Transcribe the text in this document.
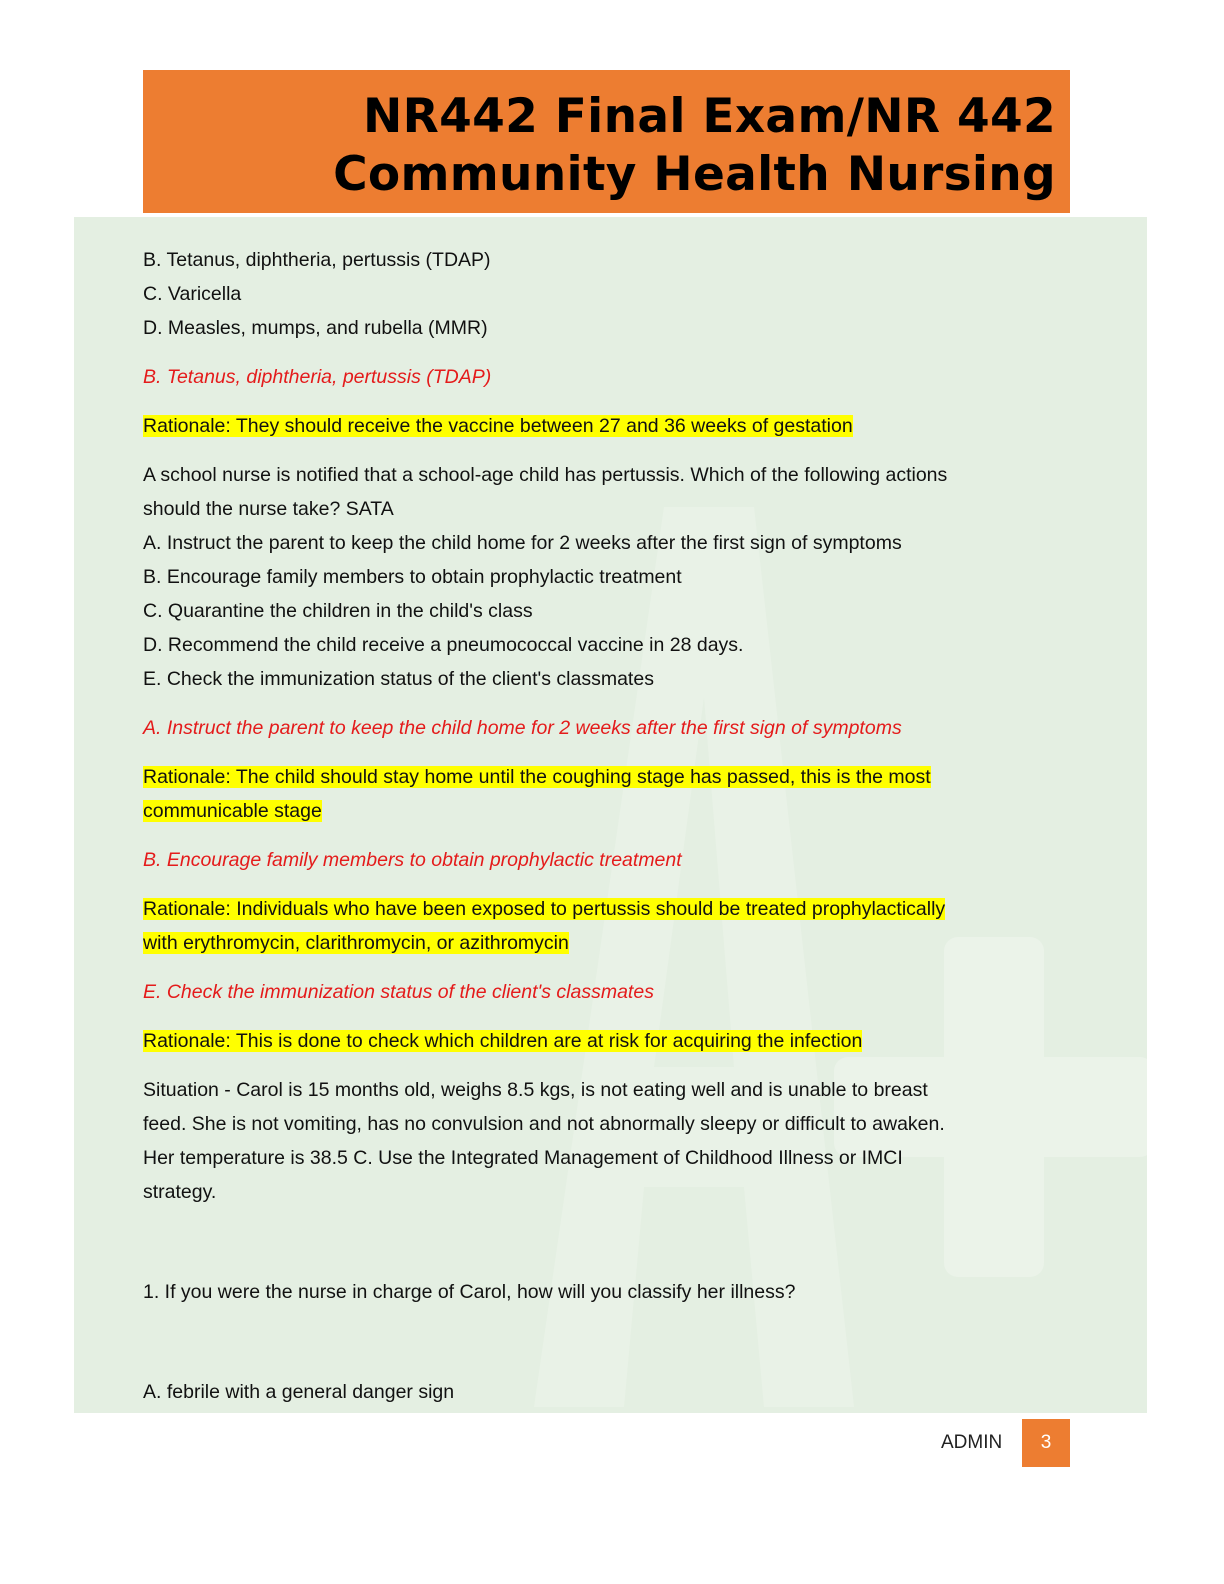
NR442 Final Exam/NR 442
Community Health Nursing
B. Tetanus, diphtheria, pertussis (TDAP)
C. Varicella
D. Measles, mumps, and rubella (MMR)
B. Tetanus, diphtheria, pertussis (TDAP)
Rationale: They should receive the vaccine between 27 and 36 weeks of gestation
A school nurse is notified that a school-age child has pertussis. Which of the following actions
should the nurse take? SATA
A. Instruct the parent to keep the child home for 2 weeks after the first sign of symptoms
B. Encourage family members to obtain prophylactic treatment
C. Quarantine the children in the child's class
D. Recommend the child receive a pneumococcal vaccine in 28 days.
E. Check the immunization status of the client's classmates
A. Instruct the parent to keep the child home for 2 weeks after the first sign of symptoms
Rationale: The child should stay home until the coughing stage has passed, this is the most
communicable stage
B. Encourage family members to obtain prophylactic treatment
Rationale: Individuals who have been exposed to pertussis should be treated prophylactically
with erythromycin, clarithromycin, or azithromycin
E. Check the immunization status of the client's classmates
Rationale: This is done to check which children are at risk for acquiring the infection
Situation - Carol is 15 months old, weighs 8.5 kgs, is not eating well and is unable to breast
feed. She is not vomiting, has no convulsion and not abnormally sleepy or difficult to awaken.
Her temperature is 38.5 C. Use the Integrated Management of Childhood Illness or IMCI
strategy.
1. If you were the nurse in charge of Carol, how will you classify her illness?
A. febrile with a general danger sign
ADMIN	3
